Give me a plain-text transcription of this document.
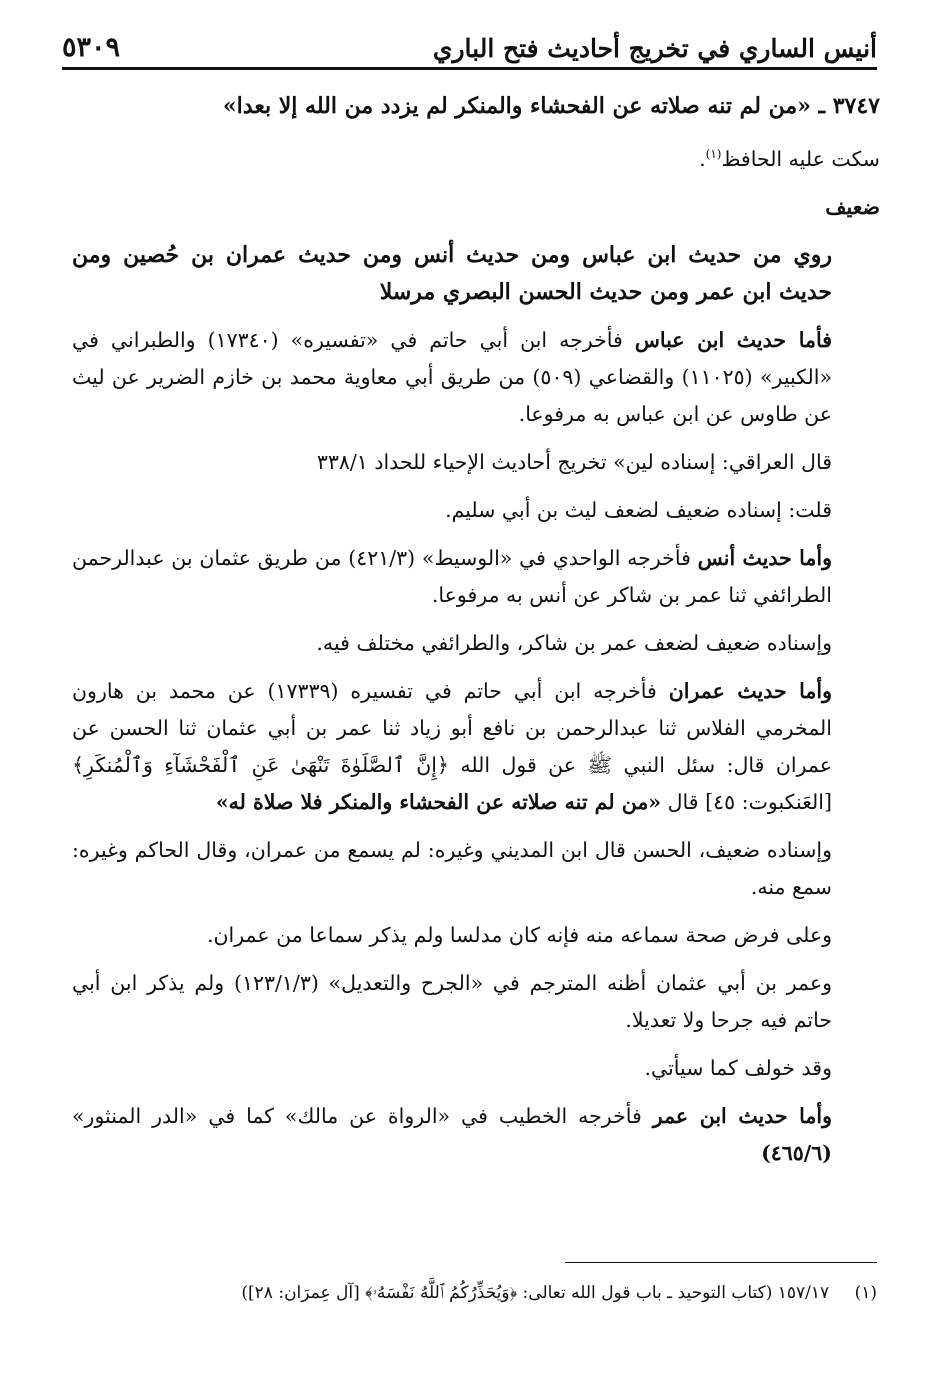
أنيس الساري في تخريج أحاديث فتح الباري
٥٣٠٩
٣٧٤٧ ـ «من لم تنه صلاته عن الفحشاء والمنكر لم يزدد من الله إلا بعدا»
سكت عليه الحافظ$^{(١)}$.
ضعيف
روي من حديث ابن عباس ومن حديث أنس ومن حديث عمران بن حُصين ومن حديث ابن عمر ومن حديث الحسن البصري مرسلا
فأما حديث ابن عباس فأخرجه ابن أبي حاتم في «تفسيره» (١٧٣٤٠) والطبراني في «الكبير» (١١٠٢٥) والقضاعي (٥٠٩) من طريق أبي معاوية محمد بن خازم الضرير عن ليث عن طاوس عن ابن عباس به مرفوعا.
قال العراقي: إسناده لين» تخريج أحاديث الإحياء للحداد ٣٣٨/١
قلت: إسناده ضعيف لضعف ليث بن أبي سليم.
وأما حديث أنس فأخرجه الواحدي في «الوسيط» (٤٢١/٣) من طريق عثمان بن عبدالرحمن الطرائفي ثنا عمر بن شاكر عن أنس به مرفوعا.
وإسناده ضعيف لضعف عمر بن شاكر، والطرائفي مختلف فيه.
وأما حديث عمران فأخرجه ابن أبي حاتم في تفسيره (١٧٣٣٩) عن محمد بن هارون المخرمي الفلاس ثنا عبدالرحمن بن نافع أبو زياد ثنا عمر بن أبي عثمان ثنا الحسن عن عمران قال: سئل النبي ﷺ عن قول الله ﴿إِنَّ ٱلصَّلَوٰةَ تَنْهَىٰ عَنِ ٱلْفَحْشَآءِ وَٱلْمُنكَرِ﴾ [العَنكبوت: ٤٥] قال «من لم تنه صلاته عن الفحشاء والمنكر فلا صلاة له»
وإسناده ضعيف، الحسن قال ابن المديني وغيره: لم يسمع من عمران، وقال الحاكم وغيره: سمع منه.
وعلى فرض صحة سماعه منه فإنه كان مدلسا ولم يذكر سماعا من عمران.
وعمر بن أبي عثمان أظنه المترجم في «الجرح والتعديل» (١٢٣/١/٣) ولم يذكر ابن أبي حاتم فيه جرحا ولا تعديلا.
وقد خولف كما سيأتي.
وأما حديث ابن عمر فأخرجه الخطيب في «الرواة عن مالك» كما في «الدر المنثور» (٤٦٥/٦)
(١) ١٥٧/١٧ (كتاب التوحيد ـ باب قول الله تعالى: ﴿وَيُحَذِّرُكُمُ ٱللَّهُ نَفْسَهُۥ﴾ [آل عِمرَان: ٢٨])
